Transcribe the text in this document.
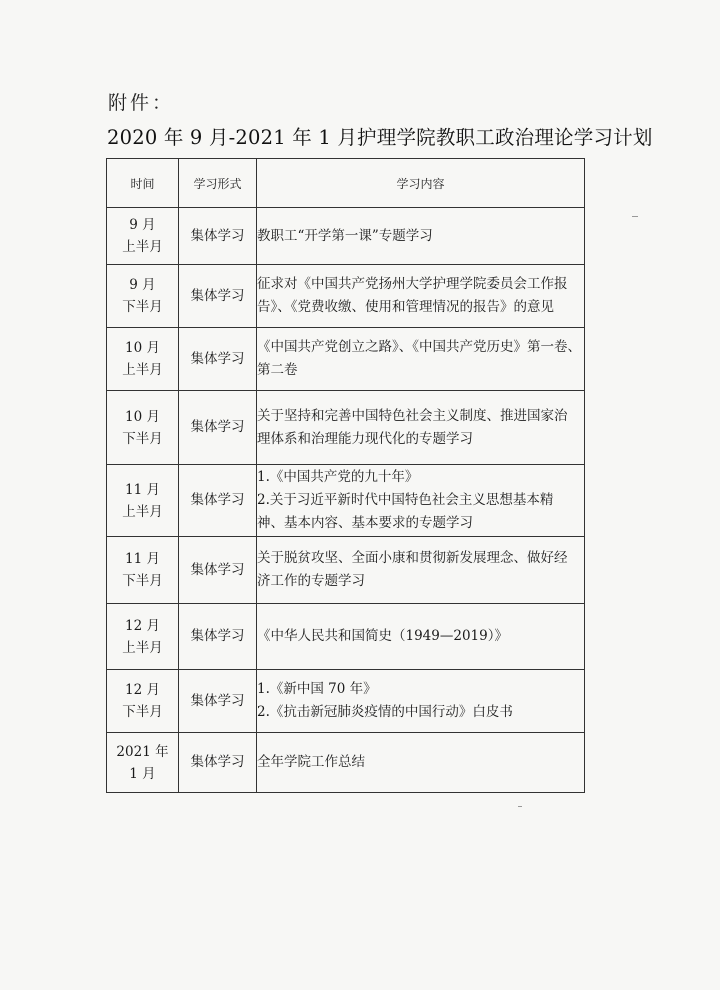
附件：
2020 年 9 月-2021 年 1 月护理学院教职工政治理论学习计划
时间	学习形式	学习内容

9 月
上半月	集体学习	教职工“开学第一课”专题学习

9 月
下半月	集体学习	征求对《中国共产党扬州大学护理学院委员会工作报
告》、《党费收缴、使用和管理情况的报告》的意见

10 月
上半月	集体学习	《中国共产党创立之路》、《中国共产党历史》第一卷、
第二卷

10 月
下半月	集体学习	关于坚持和完善中国特色社会主义制度、推进国家治
理体系和治理能力现代化的专题学习

11 月
上半月	集体学习	1.《中国共产党的九十年》
2.关于习近平新时代中国特色社会主义思想基本精
神、基本内容、基本要求的专题学习

11 月
下半月	集体学习	关于脱贫攻坚、全面小康和贯彻新发展理念、做好经
济工作的专题学习

12 月
上半月	集体学习	《中华人民共和国简史（1949—2019）》

12 月
下半月	集体学习	1.《新中国 70 年》
2.《抗击新冠肺炎疫情的中国行动》白皮书

2021 年
1 月	集体学习	全年学院工作总结
